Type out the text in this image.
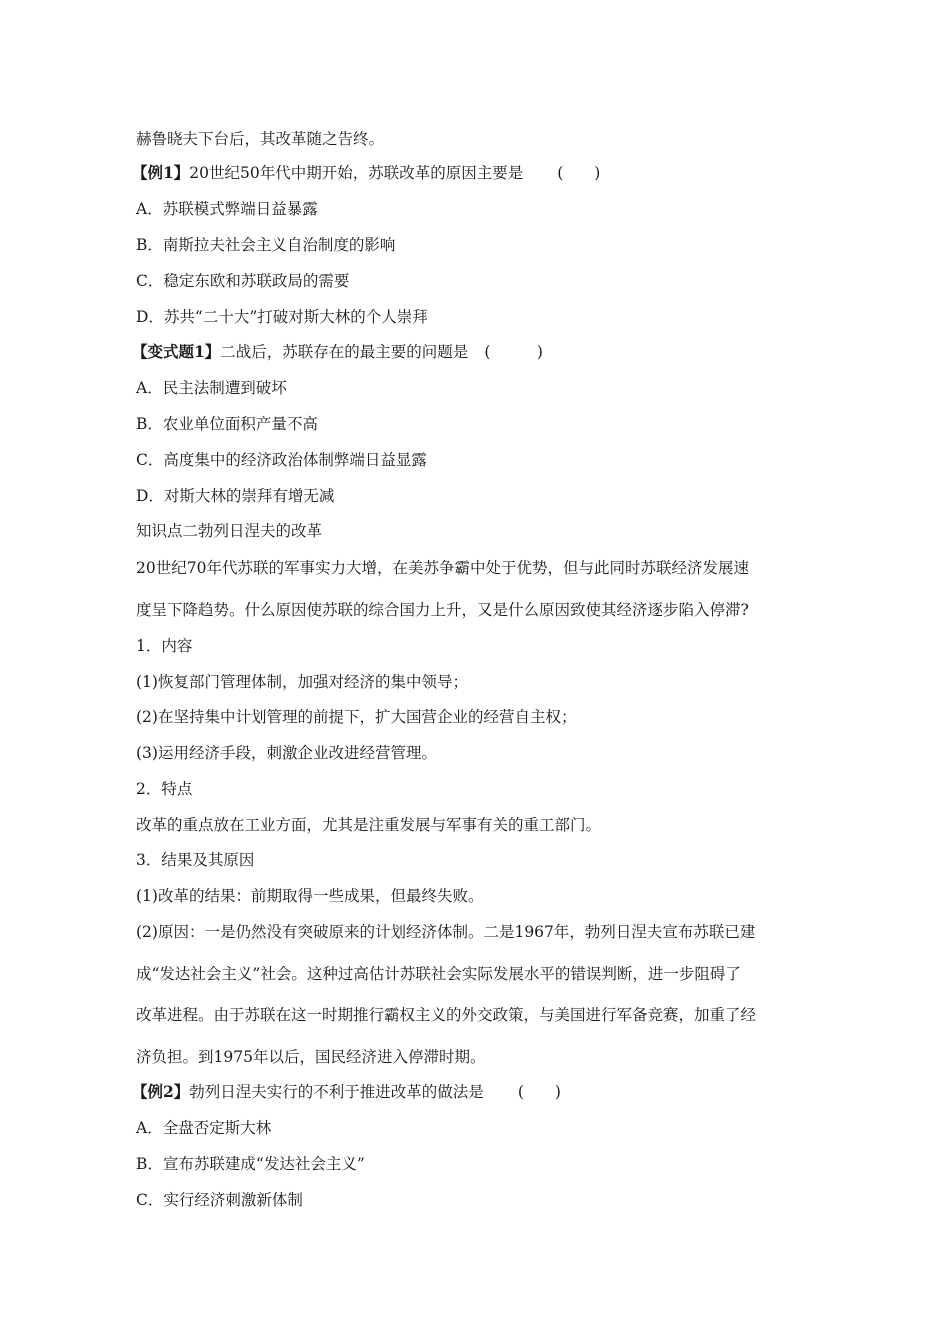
赫鲁晓夫下台后，其改革随之告终。
【例1】20世纪50年代中期开始，苏联改革的原因主要是 (　　)
A．苏联模式弊端日益暴露
B．南斯拉夫社会主义自治制度的影响
C．稳定东欧和苏联政局的需要
D．苏共“二十大”打破对斯大林的个人崇拜
【变式题1】二战后，苏联存在的最主要的问题是 (　　　)
A．民主法制遭到破坏
B．农业单位面积产量不高
C．高度集中的经济政治体制弊端日益显露
D．对斯大林的崇拜有增无减
知识点二勃列日涅夫的改革
20世纪70年代苏联的军事实力大增，在美苏争霸中处于优势，但与此同时苏联经济发展速
度呈下降趋势。什么原因使苏联的综合国力上升，又是什么原因致使其经济逐步陷入停滞?
1．内容
(1)恢复部门管理体制，加强对经济的集中领导；
(2)在坚持集中计划管理的前提下，扩大国营企业的经营自主权；
(3)运用经济手段，刺激企业改进经营管理。
2．特点
改革的重点放在工业方面，尤其是注重发展与军事有关的重工部门。
3．结果及其原因
(1)改革的结果：前期取得一些成果，但最终失败。
(2)原因：一是仍然没有突破原来的计划经济体制。二是1967年，勃列日涅夫宣布苏联已建
成“发达社会主义”社会。这种过高估计苏联社会实际发展水平的错误判断，进一步阻碍了
改革进程。由于苏联在这一时期推行霸权主义的外交政策，与美国进行军备竞赛，加重了经
济负担。到1975年以后，国民经济进入停滞时期。
【例2】勃列日涅夫实行的不利于推进改革的做法是 (　　)
A．全盘否定斯大林
B．宣布苏联建成“发达社会主义”
C．实行经济刺激新体制
